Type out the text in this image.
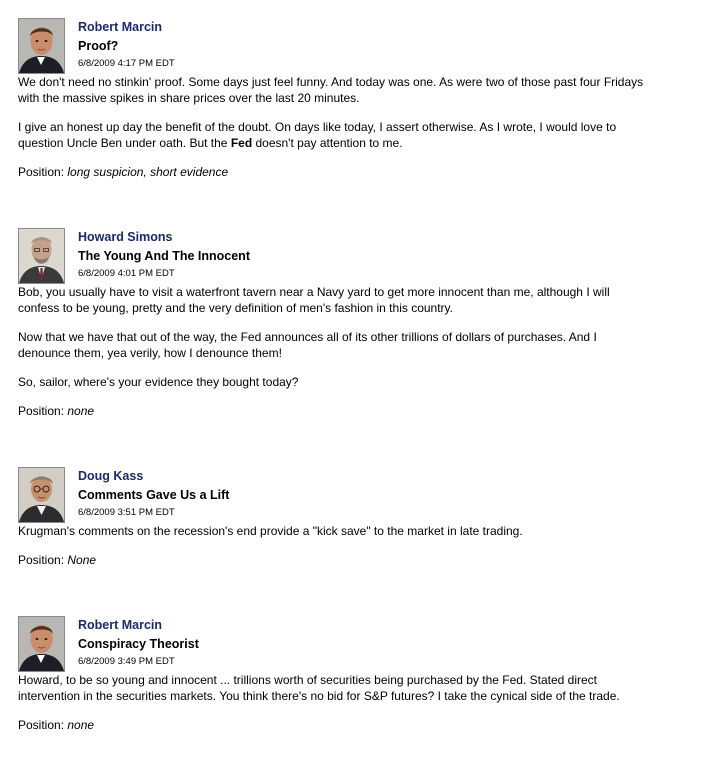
Robert Marcin
Proof?
6/8/2009 4:17 PM EDT

We don't need no stinkin' proof. Some days just feel funny. And today was one. As were two of those past four Fridays with the massive spikes in share prices over the last 20 minutes.

I give an honest up day the benefit of the doubt. On days like today, I assert otherwise. As I wrote, I would love to question Uncle Ben under oath. But the Fed doesn't pay attention to me.

Position: long suspicion, short evidence

Howard Simons
The Young And The Innocent
6/8/2009 4:01 PM EDT

Bob, you usually have to visit a waterfront tavern near a Navy yard to get more innocent than me, although I will confess to be young, pretty and the very definition of men's fashion in this country.

Now that we have that out of the way, the Fed announces all of its other trillions of dollars of purchases. And I denounce them, yea verily, how I denounce them!

So, sailor, where's your evidence they bought today?

Position: none

Doug Kass
Comments Gave Us a Lift
6/8/2009 3:51 PM EDT

Krugman's comments on the recession's end provide a "kick save" to the market in late trading.

Position: None

Robert Marcin
Conspiracy Theorist
6/8/2009 3:49 PM EDT

Howard, to be so young and innocent ... trillions worth of securities being purchased by the Fed. Stated direct intervention in the securities markets. You think there's no bid for S&P futures? I take the cynical side of the trade.

Position: none
